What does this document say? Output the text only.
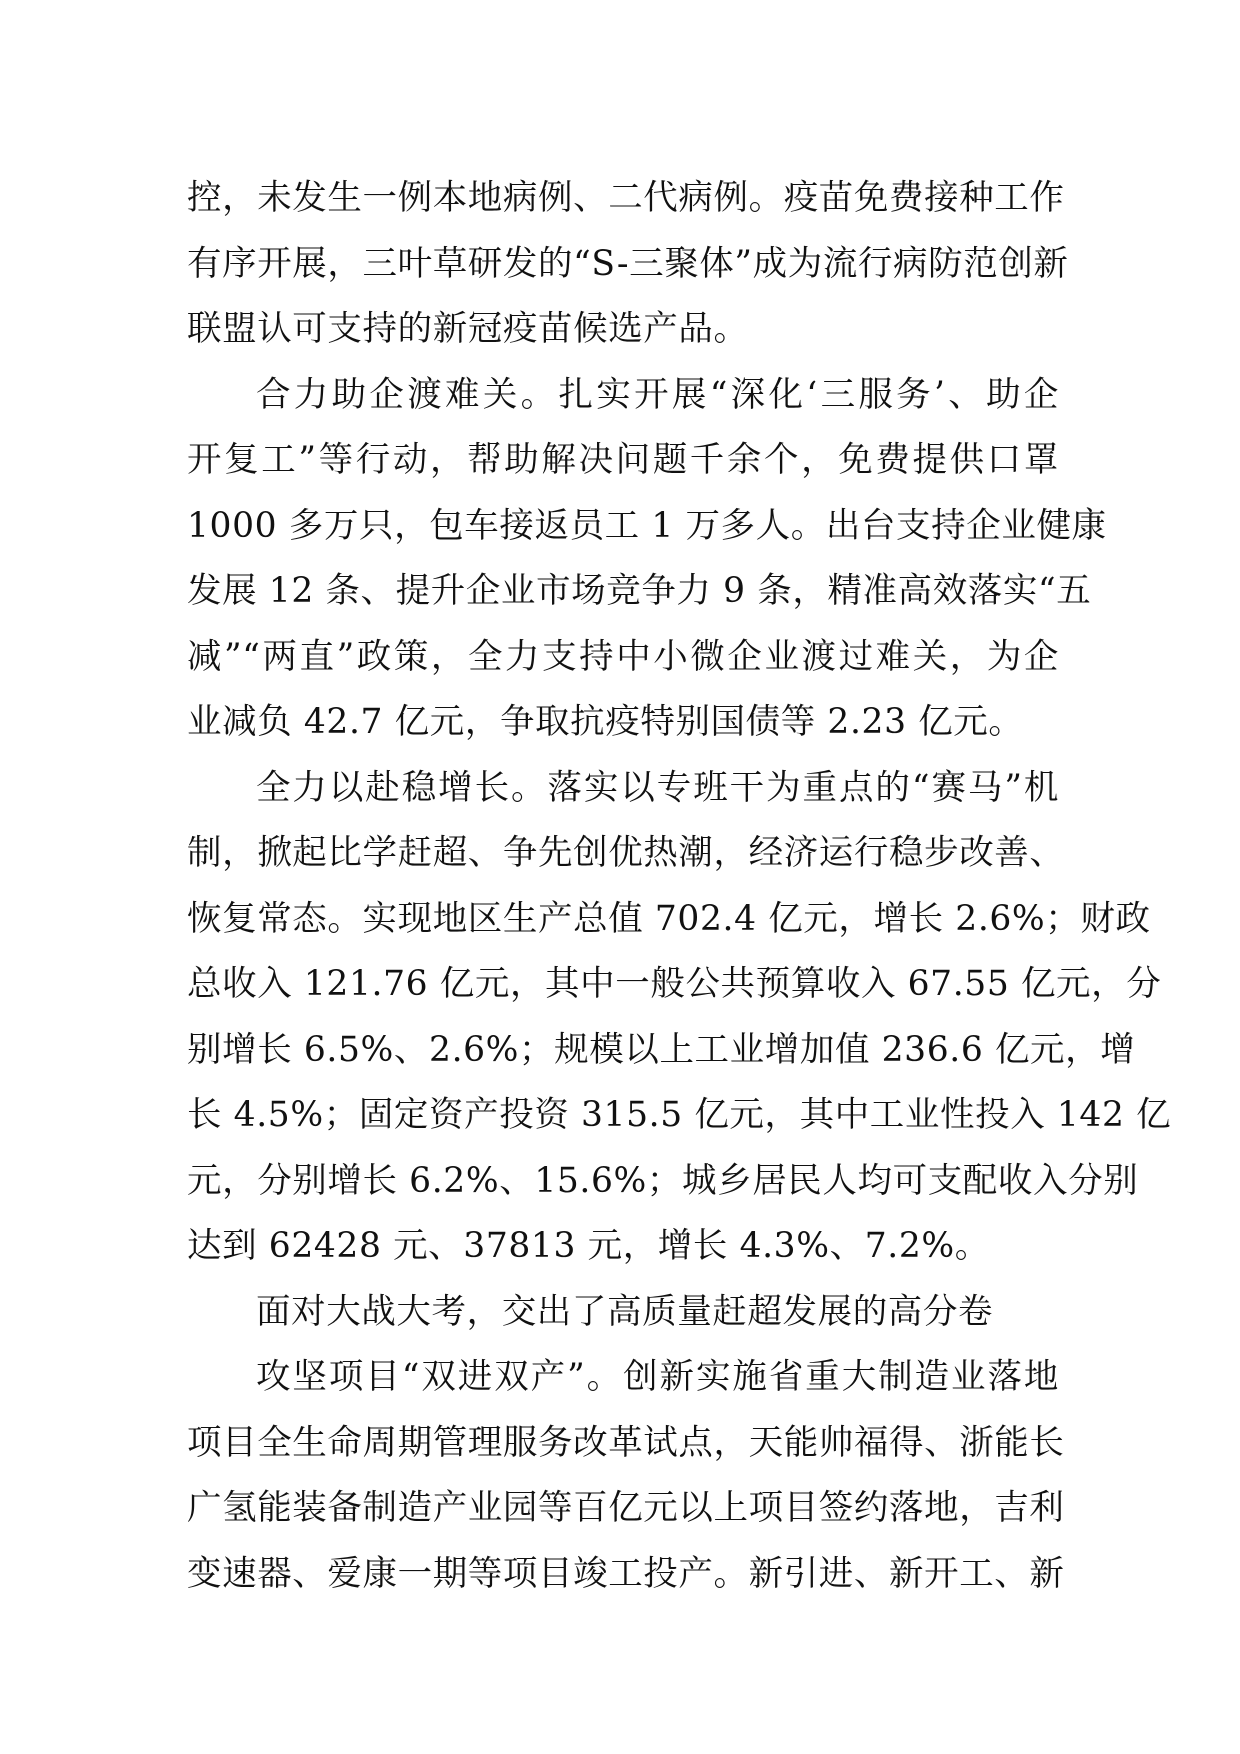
控，未发生一例本地病例、二代病例。疫苗免费接种工作
有序开展，三叶草研发的“S-三聚体”成为流行病防范创新
联盟认可支持的新冠疫苗候选产品。
合力助企渡难关。扎实开展“深化‘三服务’、助企
开复工”等行动，帮助解决问题千余个，免费提供口罩
1000 多万只，包车接返员工 1 万多人。出台支持企业健康
发展 12 条、提升企业市场竞争力 9 条，精准高效落实“五
减”“两直”政策，全力支持中小微企业渡过难关，为企
业减负 42.7 亿元，争取抗疫特别国债等 2.23 亿元。
全力以赴稳增长。落实以专班干为重点的“赛马”机
制，掀起比学赶超、争先创优热潮，经济运行稳步改善、
恢复常态。实现地区生产总值 702.4 亿元，增长 2.6%；财政
总收入 121.76 亿元，其中一般公共预算收入 67.55 亿元，分
别增长 6.5%、2.6%；规模以上工业增加值 236.6 亿元，增
长 4.5%；固定资产投资 315.5 亿元，其中工业性投入 142 亿
元，分别增长 6.2%、15.6%；城乡居民人均可支配收入分别
达到 62428 元、37813 元，增长 4.3%、7.2%。
面对大战大考，交出了高质量赶超发展的高分卷
攻坚项目“双进双产”。创新实施省重大制造业落地
项目全生命周期管理服务改革试点，天能帅福得、浙能长
广氢能装备制造产业园等百亿元以上项目签约落地，吉利
变速器、爱康一期等项目竣工投产。新引进、新开工、新
